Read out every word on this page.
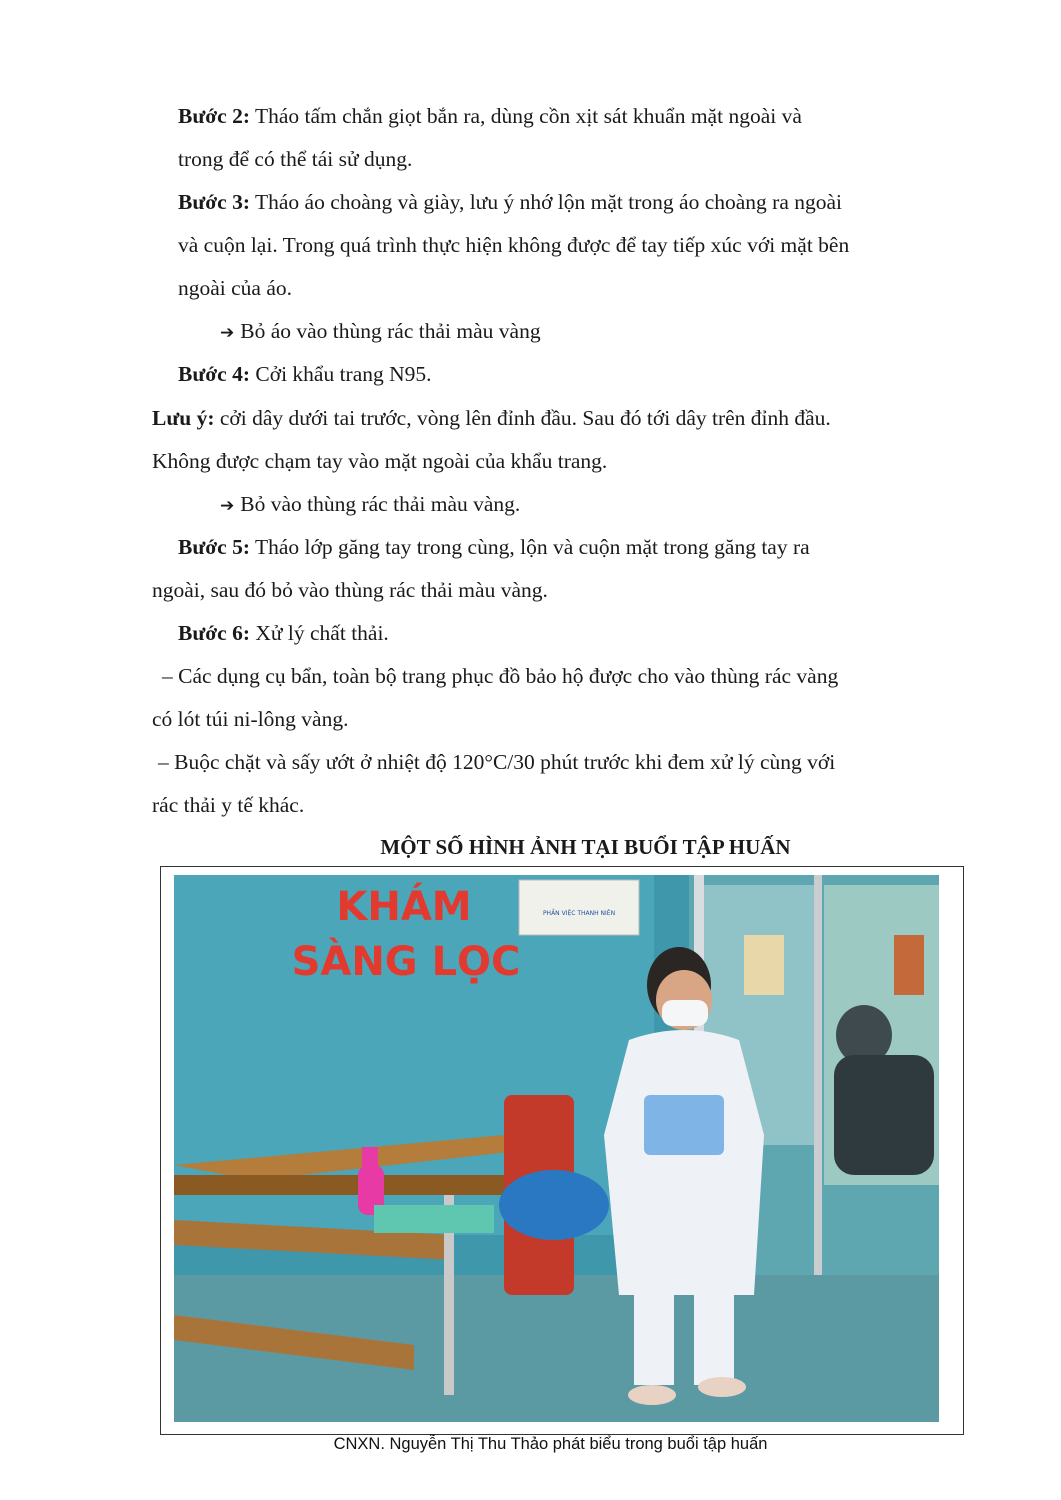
Bước 2: Tháo tấm chắn giọt bắn ra, dùng cồn xịt sát khuẩn mặt ngoài và
trong để có thể tái sử dụng.
Bước 3: Tháo áo choàng và giày, lưu ý nhớ lộn mặt trong áo choàng ra ngoài
và cuộn lại. Trong quá trình thực hiện không được để tay tiếp xúc với mặt bên
ngoài của áo.
➔ Bỏ áo vào thùng rác thải màu vàng
Bước 4: Cởi khẩu trang N95.
Lưu ý: cởi dây dưới tai trước, vòng lên đỉnh đầu. Sau đó tới dây trên đỉnh đầu.
Không được chạm tay vào mặt ngoài của khẩu trang.
➔ Bỏ vào thùng rác thải màu vàng.
Bước 5: Tháo lớp găng tay trong cùng, lộn và cuộn mặt trong găng tay ra
ngoài, sau đó bỏ vào thùng rác thải màu vàng.
Bước 6: Xử lý chất thải.
– Các dụng cụ bẩn, toàn bộ trang phục đồ bảo hộ được cho vào thùng rác vàng
có lót túi ni-lông vàng.
– Buộc chặt và sấy ướt ở nhiệt độ 120°C/30 phút trước khi đem xử lý cùng với
rác thải y tế khác.
MỘT SỐ HÌNH ẢNH TẠI BUỔI TẬP HUẤN
KHÁM
SÀNG LỌC
PHẦN VIỆC THANH NIÊN
CNXN. Nguyễn Thị Thu Thảo phát biểu trong buổi tập huấn
